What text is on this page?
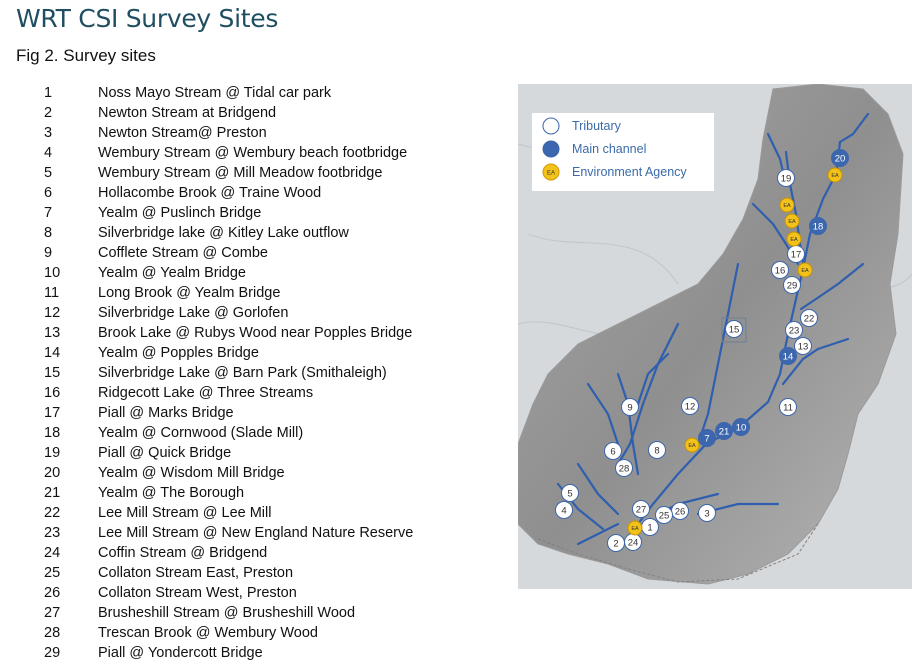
WRT CSI Survey Sites
Fig 2. Survey sites
1	Noss Mayo Stream @ Tidal car park
2	Newton Stream at Bridgend
3	Newton Stream@ Preston
4	Wembury Stream @ Wembury beach footbridge
5	Wembury Stream @ Mill Meadow footbridge
6	Hollacombe Brook @ Traine Wood
7	Yealm @ Puslinch Bridge
8	Silverbridge lake @ Kitley Lake outflow
9	Cofflete Stream @ Combe
10	Yealm @ Yealm Bridge
11	Long Brook @ Yealm Bridge
12	Silverbridge Lake @ Gorlofen
13	Brook Lake @ Rubys Wood near Popples Bridge
14	Yealm @ Popples Bridge
15	Silverbridge Lake @ Barn Park (Smithaleigh)
16	Ridgecott Lake @ Three Streams
17	Piall @ Marks Bridge
18	Yealm @ Cornwood (Slade Mill)
19	Piall @ Quick Bridge
20	Yealm @ Wisdom Mill Bridge
21	Yealm @ The Borough
22	Lee Mill Stream @ Lee Mill
23	Lee Mill Stream @ New England Nature Reserve
24	Coffin Stream @ Bridgend
25	Collaton Stream East, Preston
26	Collaton Stream West, Preston
27	Brusheshill Stream @ Brusheshill Wood
28	Trescan Brook @ Wembury Wood
29	Piall @ Yondercott Bridge
20
19
18
17
16
29
22
23
15
13
14
12
9	11
10
21
7
8
6
28
5
4	27	26
25	3
1
24
2
EA
EA
EA
EA
EA
EA
EA
Tributary
Main channel
EA Environment Agency
